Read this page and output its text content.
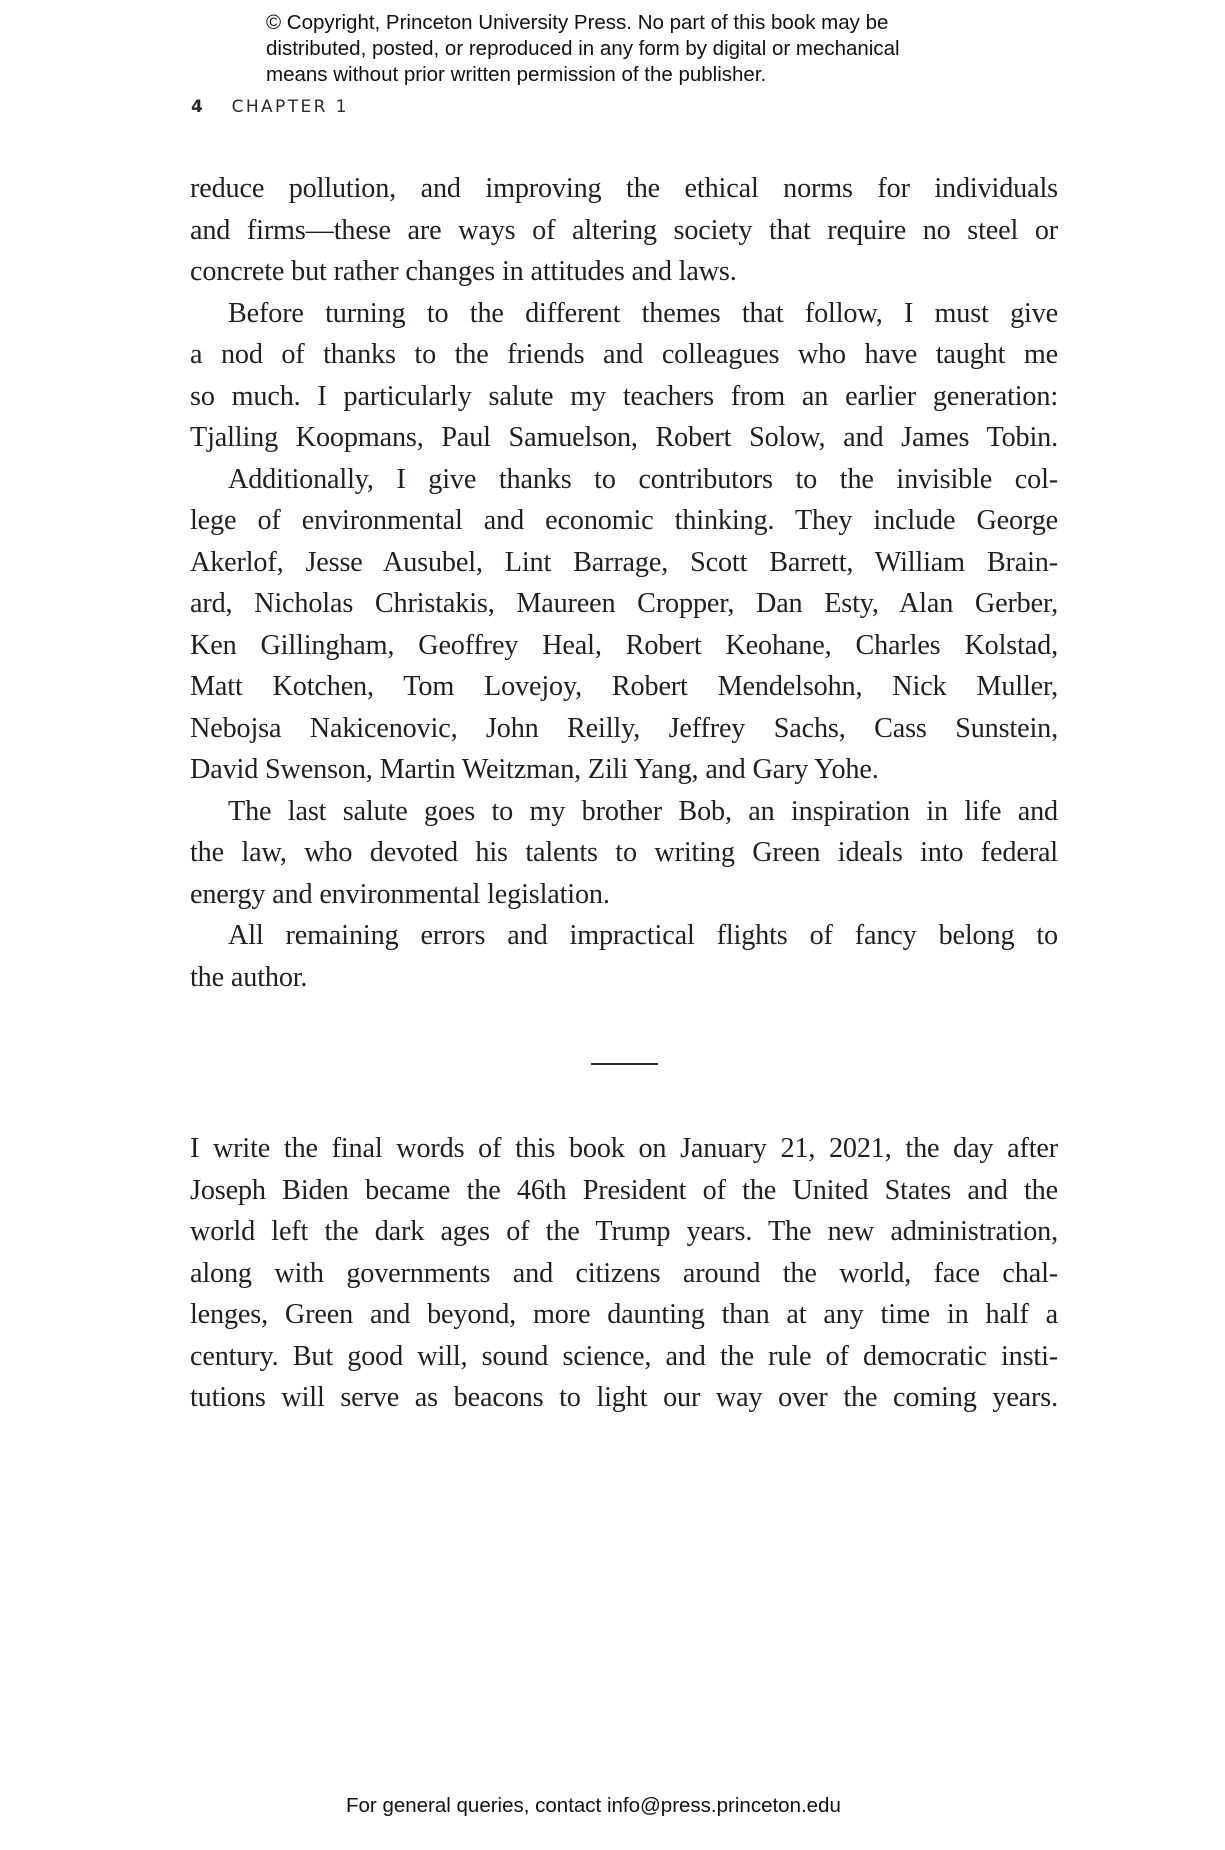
© Copyright, Princeton University Press. No part of this book may be
distributed, posted, or reproduced in any form by digital or mechanical
means without prior written permission of the publisher.
4 CHAPTER 1
reduce pollution, and improving the ethical norms for individuals
and firms—these are ways of altering society that require no steel or
concrete but rather changes in attitudes and laws.
Before turning to the different themes that follow, I must give
a nod of thanks to the friends and colleagues who have taught me
so much. I particularly salute my teachers from an earlier generation:
Tjalling Koopmans, Paul Samuelson, Robert Solow, and James Tobin.
Additionally, I give thanks to contributors to the invisible col-
lege of environmental and economic thinking. They include George
Akerlof, Jesse Ausubel, Lint Barrage, Scott Barrett, William Brain-
ard, Nicholas Christakis, Maureen Cropper, Dan Esty, Alan Gerber,
Ken Gillingham, Geoffrey Heal, Robert Keohane, Charles Kolstad,
Matt Kotchen, Tom Lovejoy, Robert Mendelsohn, Nick Muller,
Nebojsa Nakicenovic, John Reilly, Jeffrey Sachs, Cass Sunstein,
David Swenson, Martin Weitzman, Zili Yang, and Gary Yohe.
The last salute goes to my brother Bob, an inspiration in life and
the law, who devoted his talents to writing Green ideals into federal
energy and environmental legislation.
All remaining errors and impractical flights of fancy belong to
the author.
I write the final words of this book on January 21, 2021, the day after
Joseph Biden became the 46th President of the United States and the
world left the dark ages of the Trump years. The new administration,
along with governments and citizens around the world, face chal-
lenges, Green and beyond, more daunting than at any time in half a
century. But good will, sound science, and the rule of democratic insti-
tutions will serve as beacons to light our way over the coming years.
For general queries, contact info@press.princeton.edu
